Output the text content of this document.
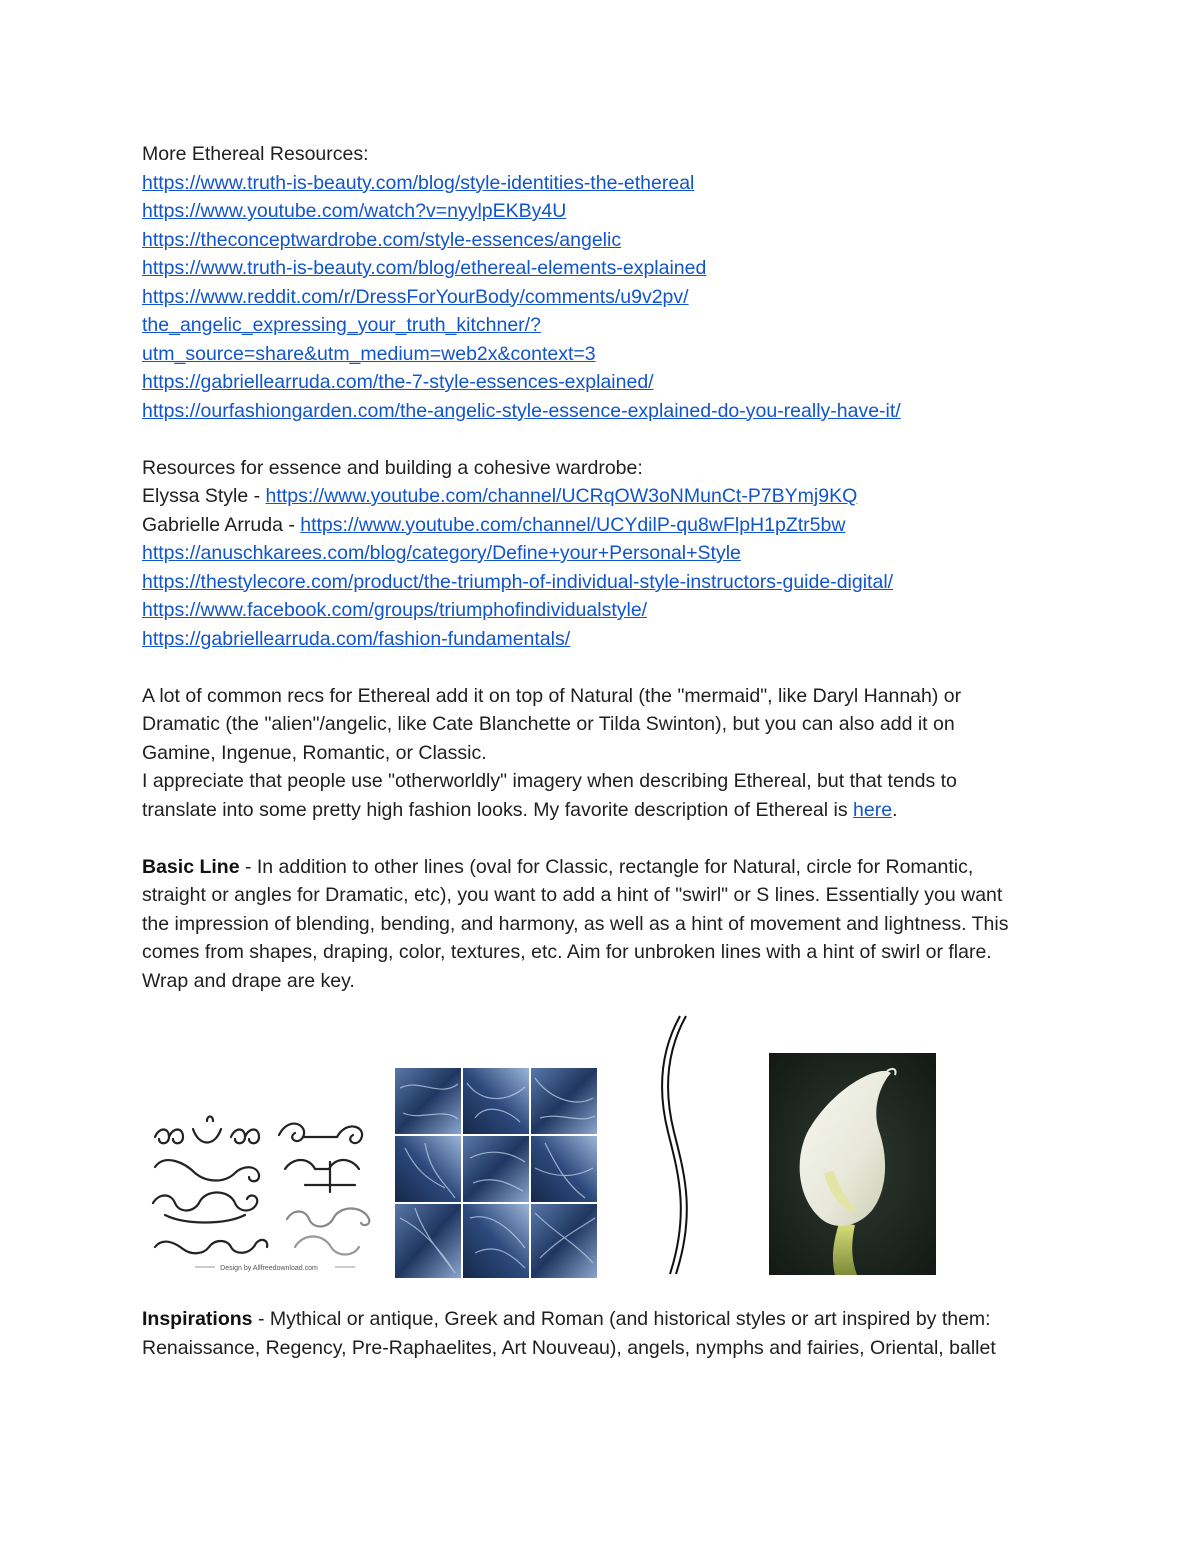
More Ethereal Resources:
https://www.truth-is-beauty.com/blog/style-identities-the-ethereal
https://www.youtube.com/watch?v=nyylpEKBy4U
https://theconceptwardrobe.com/style-essences/angelic
https://www.truth-is-beauty.com/blog/ethereal-elements-explained
https://www.reddit.com/r/DressForYourBody/comments/u9v2pv/
the_angelic_expressing_your_truth_kitchner/?
utm_source=share&utm_medium=web2x&context=3
https://gabriellearruda.com/the-7-style-essences-explained/
https://ourfashiongarden.com/the-angelic-style-essence-explained-do-you-really-have-it/
Resources for essence and building a cohesive wardrobe:
Elyssa Style - https://www.youtube.com/channel/UCRqOW3oNMunCt-P7BYmj9KQ
Gabrielle Arruda - https://www.youtube.com/channel/UCYdilP-qu8wFlpH1pZtr5bw
https://anuschkarees.com/blog/category/Define+your+Personal+Style
https://thestylecore.com/product/the-triumph-of-individual-style-instructors-guide-digital/
https://www.facebook.com/groups/triumphofindividualstyle/
https://gabriellearruda.com/fashion-fundamentals/
A lot of common recs for Ethereal add it on top of Natural (the "mermaid", like Daryl Hannah) or
Dramatic (the "alien"/angelic, like Cate Blanchette or Tilda Swinton), but you can also add it on
Gamine, Ingenue, Romantic, or Classic.
I appreciate that people use "otherworldly" imagery when describing Ethereal, but that tends to
translate into some pretty high fashion looks. My favorite description of Ethereal is here.
Basic Line - In addition to other lines (oval for Classic, rectangle for Natural, circle for Romantic,
straight or angles for Dramatic, etc), you want to add a hint of "swirl" or S lines. Essentially you want
the impression of blending, bending, and harmony, as well as a hint of movement and lightness. This
comes from shapes, draping, color, textures, etc. Aim for unbroken lines with a hint of swirl or flare.
Wrap and drape are key.
Design by Allfreedownload.com
Inspirations - Mythical or antique, Greek and Roman (and historical styles or art inspired by them:
Renaissance, Regency, Pre-Raphaelites, Art Nouveau), angels, nymphs and fairies, Oriental, ballet
